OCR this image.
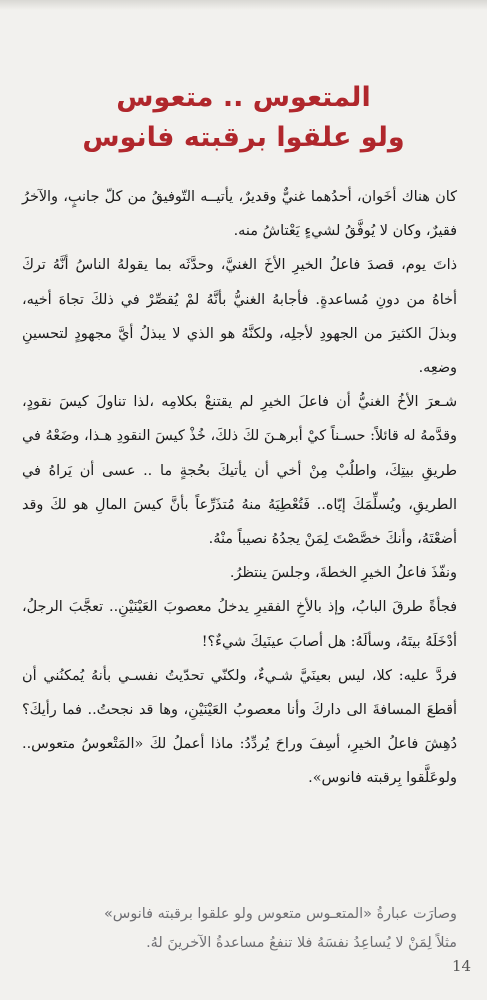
المتعوس .. متعوس
ولو علقوا برقبته فانوس

كان هناك أخَوان، أحدُهما غنيٌّ وقديرٌ، يأتيــه التّوفيقُ من كلّ جانبٍ، والآخرُ فقيرٌ، وكان لا يُوفَّقُ لشيءٍ يَعْتاشُ منه.

ذاتَ يوم، قصدَ فاعلُ الخيرِ الأخَ الغنيَّ، وحدَّثَه بما يقولهُ الناسُ أنَّهُ تركَ أخاهُ من دونِ مُساعدةٍ. فأجابهُ الغنيُّ بأنَّهُ لمْ يُقصِّرْ في ذلكَ تجاهَ أخيه، وبذلَ الكثيرَ من الجهودِ لأجلِه، ولكنَّهُ هو الذي لا يبذلُ أيَّ مجهودٍ لتحسينِ وضعِه.

شـعرَ الأخُ الغنيُّ أن فاعلَ الخيرِ لم يقتنعْ بكلامِه ،لذا تناولَ كيسَ نقودٍ، وقدَّمهُ له قائلاً: حسـناً كيْ أبرهـنَ لكَ ذلكَ، خُذْ كيسَ النقودِ هـذا، وضَعْهُ في طريقِ بيتِكَ، واطلُبْ مِنْ أخي أن يأتيكَ بحُجةٍ ما .. عسى أن يَراهُ في الطريقِ، ويُسلِّمَكَ إيّاه.. فَتُعْطِيَهُ منهُ مُتذَرِّعاً بأنَّ كيسَ المالِ هو لكَ وقد أضعْتَهُ، وأنكَ خصَّصْتَ لِمَنْ يجدُهُ نصيباً منْهُ.

ونفّذَ فاعلُ الخيرِ الخطةَ، وجلسَ ينتظرُ.

فجأةً طرقَ البابُ، وإذ بالأخِ الفقيرِ يدخلُ معصوبَ العَيْنَيْنِ.. تعجَّبَ الرجلُ، أدْخَلَهُ بيتَهُ، وسألَهُ: هل أصابَ عينَيكَ شيءٌ؟!

فردَّ عليه: كلا، ليس بعينَيَّ شـيءٌ، ولكنّي تحدّيتُ نفسـي بأنهُ يُمكنُني أن أقطعَ المسافةَ الى داركَ وأنا معصوبُ العَيْنَيْنِ، وها قد نجحتُ.. فما رأيكَ؟ دُهِشَ فاعلُ الخيرِ، أسِفَ وراحَ يُردِّدُ: ماذا أعملُ لكَ «المَتْعوسُ متعوس.. ولوعَلَّقوا بِرقبته فانوس».

وصارَت عبارةُ «المتعـوس متعوس ولو علقوا برقبته فانوس»
مثلاً لِمَنْ لا يُساعِدُ نفسَهُ فلا تنفعُ مساعدةُ الآخرينَ لهُ.
14
